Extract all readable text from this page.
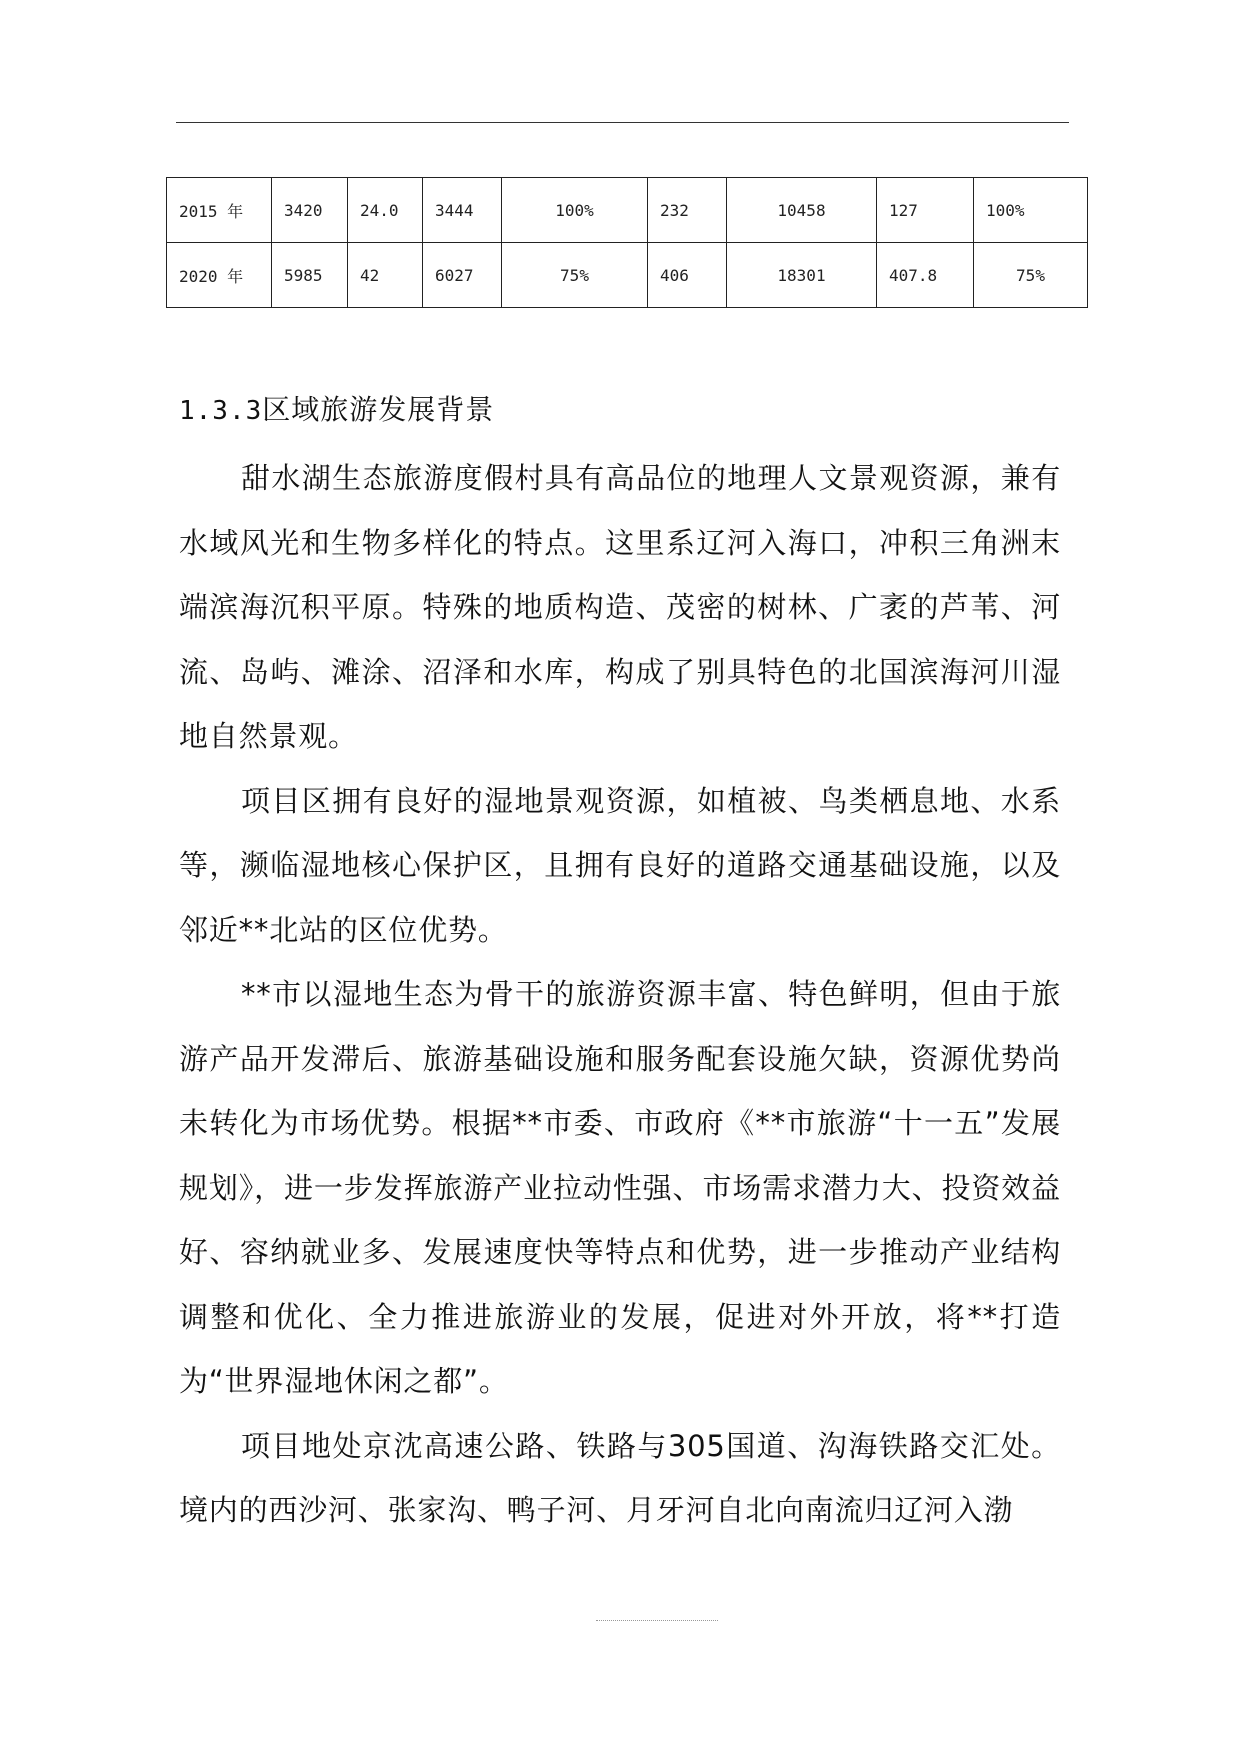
2015 年	3420	24.0	3444	100%	232	10458	127	100%
2020 年	5985	42	6027	75%	406	18301	407.8	75%
1.3.3区域旅游发展背景

甜水湖生态旅游度假村具有高品位的地理人文景观资源，兼有水域风光和生物多样化的特点。这里系辽河入海口，冲积三角洲末端滨海沉积平原。特殊的地质构造、茂密的树林、广袤的芦苇、河流、岛屿、滩涂、沼泽和水库，构成了别具特色的北国滨海河川湿地自然景观。

项目区拥有良好的湿地景观资源，如植被、鸟类栖息地、水系等，濒临湿地核心保护区，且拥有良好的道路交通基础设施，以及邻近**北站的区位优势。

**市以湿地生态为骨干的旅游资源丰富、特色鲜明，但由于旅游产品开发滞后、旅游基础设施和服务配套设施欠缺，资源优势尚未转化为市场优势。根据**市委、市政府《**市旅游“十一五”发展规划》，进一步发挥旅游产业拉动性强、市场需求潜力大、投资效益好、容纳就业多、发展速度快等特点和优势，进一步推动产业结构调整和优化、全力推进旅游业的发展，促进对外开放，将**打造为“世界湿地休闲之都”。

项目地处京沈高速公路、铁路与305国道、沟海铁路交汇处。境内的西沙河、张家沟、鸭子河、月牙河自北向南流归辽河入渤
